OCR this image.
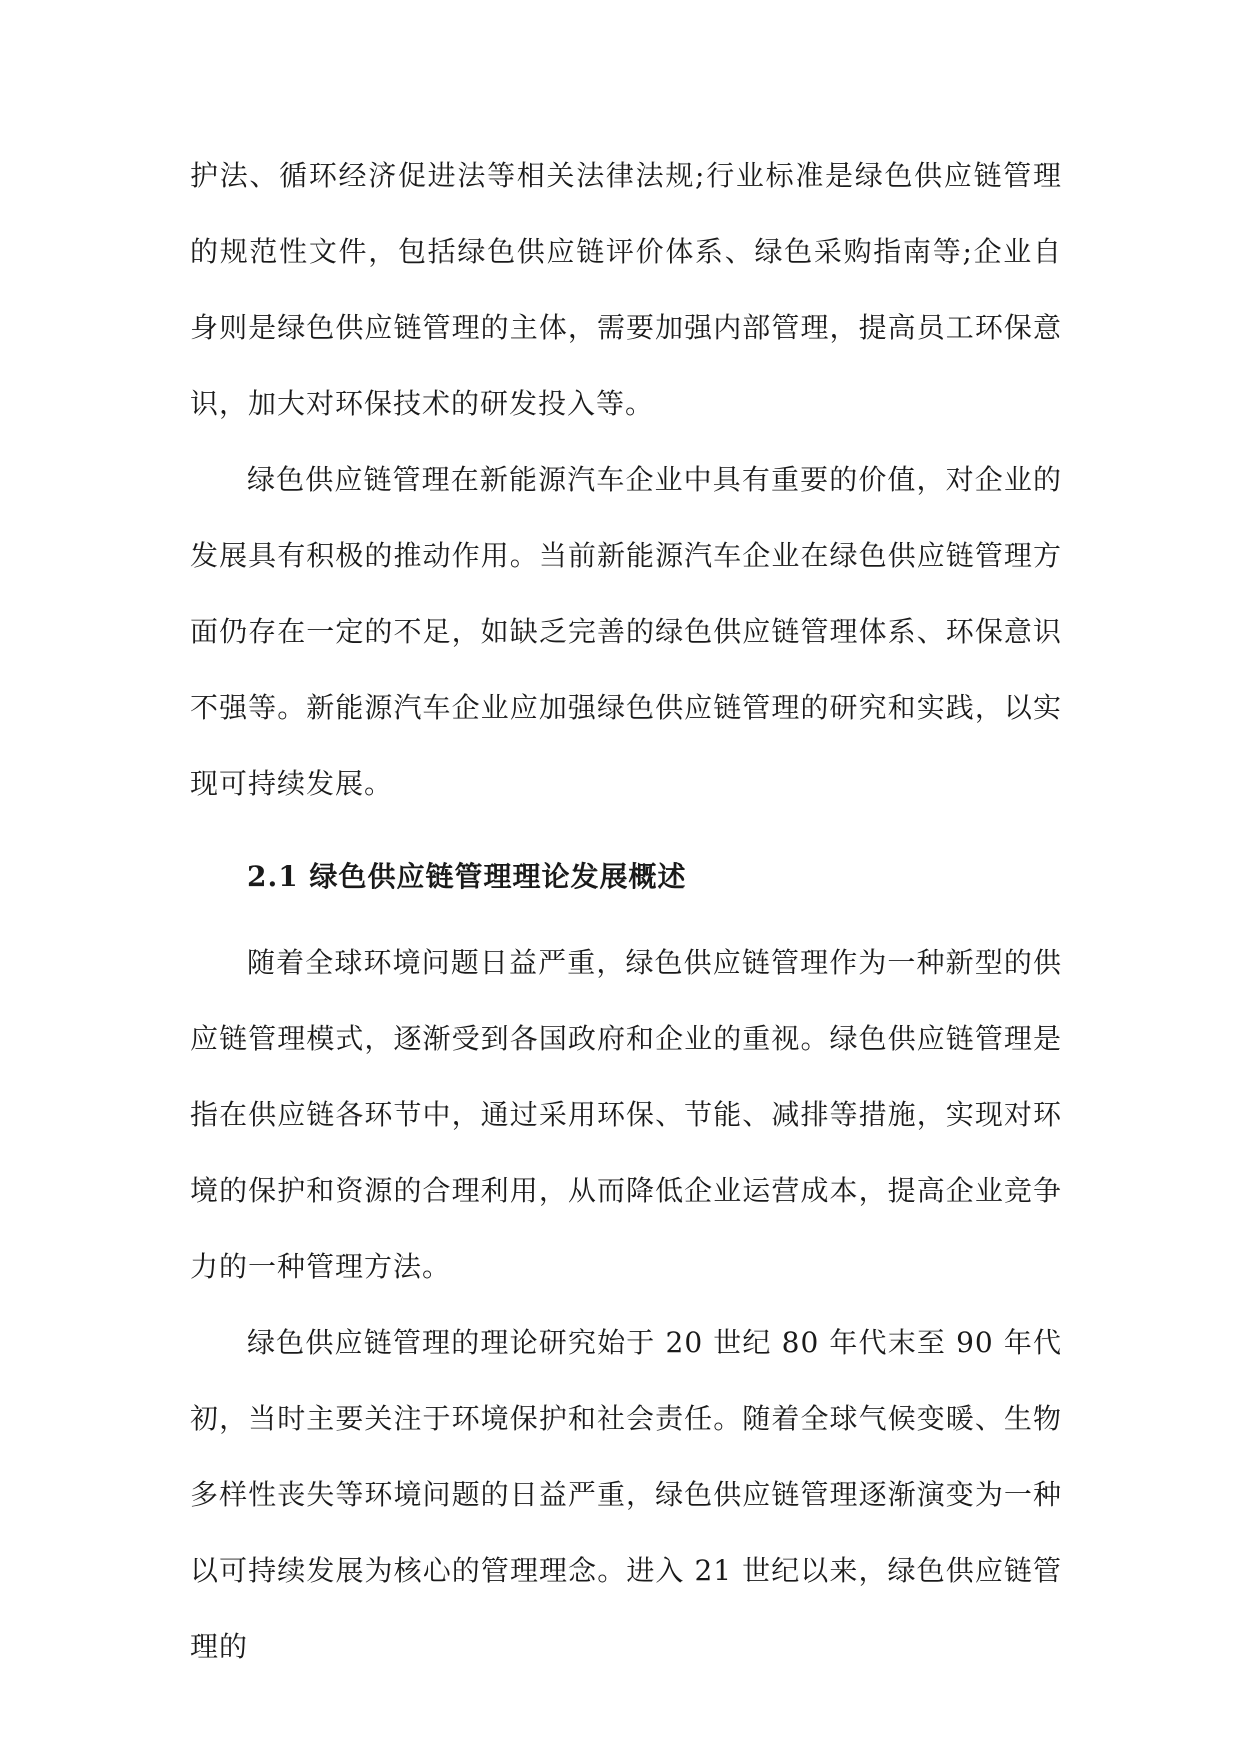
护法、循环经济促进法等相关法律法规;行业标准是绿色供应链管理的规范性文件，包括绿色供应链评价体系、绿色采购指南等;企业自身则是绿色供应链管理的主体，需要加强内部管理，提高员工环保意识，加大对环保技术的研发投入等。

绿色供应链管理在新能源汽车企业中具有重要的价值，对企业的发展具有积极的推动作用。当前新能源汽车企业在绿色供应链管理方面仍存在一定的不足，如缺乏完善的绿色供应链管理体系、环保意识不强等。新能源汽车企业应加强绿色供应链管理的研究和实践，以实现可持续发展。

2.1 绿色供应链管理理论发展概述

随着全球环境问题日益严重，绿色供应链管理作为一种新型的供应链管理模式，逐渐受到各国政府和企业的重视。绿色供应链管理是指在供应链各环节中，通过采用环保、节能、减排等措施，实现对环境的保护和资源的合理利用，从而降低企业运营成本，提高企业竞争力的一种管理方法。

绿色供应链管理的理论研究始于 20 世纪 80 年代末至 90 年代初，当时主要关注于环境保护和社会责任。随着全球气候变暖、生物多样性丧失等环境问题的日益严重，绿色供应链管理逐渐演变为一种以可持续发展为核心的管理理念。进入 21 世纪以来，绿色供应链管理的
